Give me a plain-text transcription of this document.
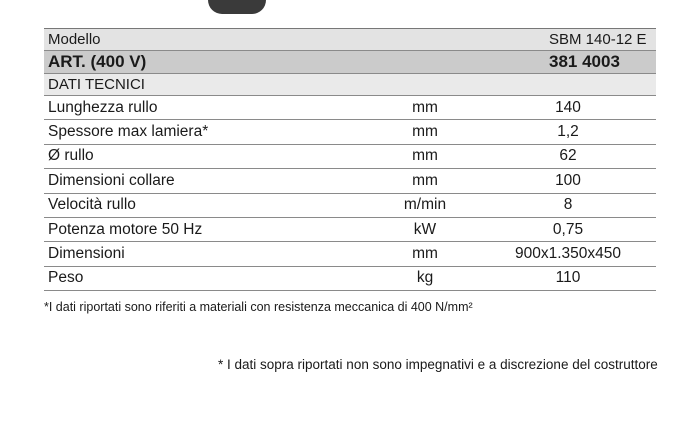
Modello	SBM 140-12 E
ART. (400 V)	381 4003
DATI TECNICI
Lunghezza rullo	mm	140
Spessore max lamiera*	mm	1,2
Ø rullo	mm	62
Dimensioni collare	mm	100
Velocità rullo	m/min	8
Potenza motore 50 Hz	kW	0,75
Dimensioni	mm	900x1.350x450
Peso	kg	110
*I dati riportati sono riferiti a materiali con resistenza meccanica di 400 N/mm²
* I dati sopra riportati non sono impegnativi e a discrezione del costruttore
